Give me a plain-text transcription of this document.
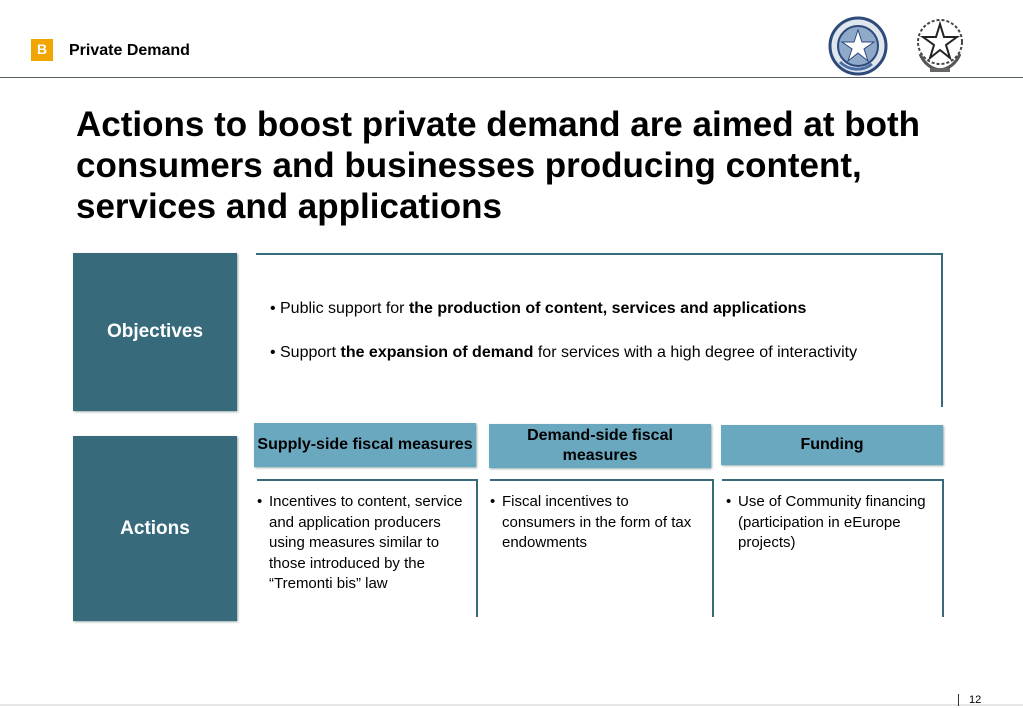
B	Private Demand
Actions to boost private demand are aimed at both consumers and businesses producing content, services and applications
Objectives
• Public support for the production of content, services and applications
• Support the expansion of demand for services with a high degree of interactivity
Actions
Supply-side fiscal measures
Demand-side fiscal measures
Funding
• Incentives to content, service and application producers using measures similar to those introduced by the “Tremonti bis” law
• Fiscal incentives to consumers in the form of tax endowments
• Use of Community financing (participation in eEurope projects)
12
